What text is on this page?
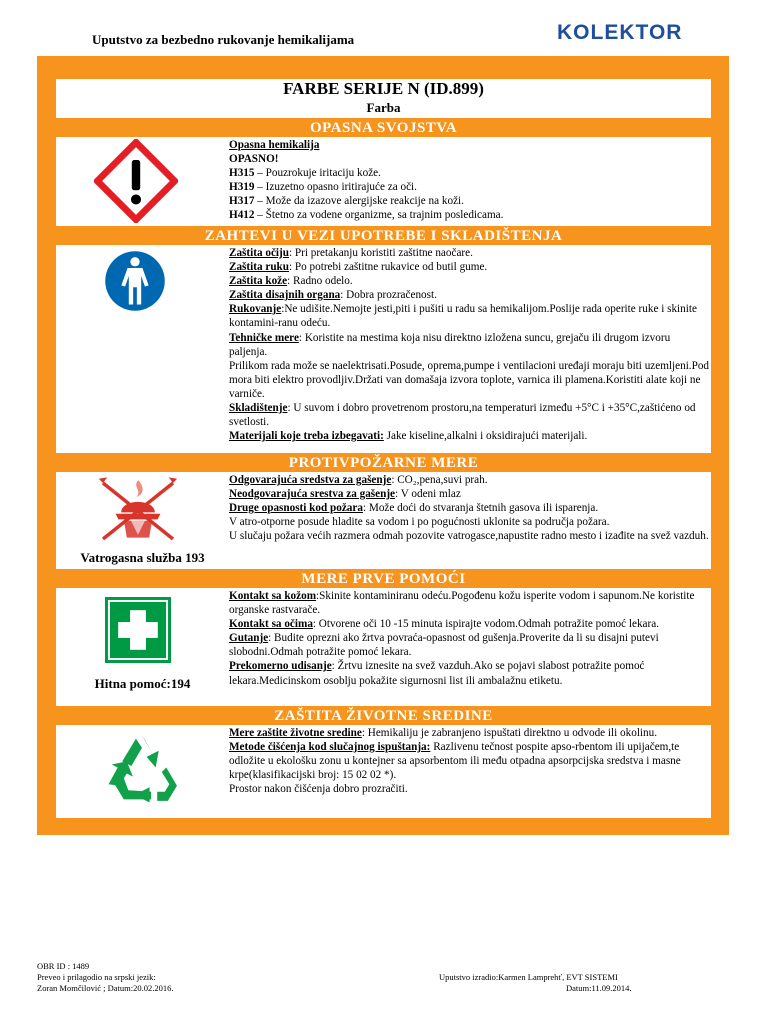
Uputstvo za bezbedno rukovanje hemikalijama	KOLEKTOR
FARBE SERIJE N (ID.899)
Farba
OPASNA SVOJSTVA
ZAHTEVI U VEZI UPOTREBE I SKLADIŠTENJA
PROTIVPOŽARNE MERE
MERE PRVE POMOĆI
ZAŠTITA ŽIVOTNE SREDINE

Opasna hemikalija

OPASNO!

H315 – Pouzrokuje iritaciju kože.

H319 – Izuzetno opasno iritirajuće za oči.

H317 – Može da izazove alergijske reakcije na koži.

H412 – Štetno za vodene organizme, sa trajnim posledicama.

Zaštita očiju: Pri pretakanju koristiti zaštitne naočare.

Zaštita ruku: Po potrebi zaštitne rukavice od butil gume.

Zaštita kože: Radno odelo.

Zaštita disajnih organa: Dobra prozračenost.

Rukovanje:Ne udišite.Nemojte jesti,piti i pušiti u radu sa hemikalijom.Poslije rada operite ruke i skinite kontamini-ranu odeću.

Tehničke mere: Koristite na mestima koja nisu direktno izložena suncu, grejaču ili drugom izvoru paljenja.

Prilikom rada može se naelektrisati.Posude, oprema,pumpe i ventilacioni uređaji moraju biti uzemljeni.Pod mora biti elektro provodljiv.Držati van domašaja izvora toplote, varnica ili plamena.Koristiti alate koji ne varniče.

Skladištenje: U suvom i dobro provetrenom prostoru,na temperaturi između +5°C i +35°C,zaštićeno od svetlosti.

Materijali koje treba izbegavati: Jake kiseline,alkalni i oksidirajući materijali.

Vatrogasna služba 193

Odgovarajuća sredstva za gašenje: CO₂,pena,suvi prah.

Neodgovarajuća srestva za gašenje: V odeni mlaz

Druge opasnosti kod požara: Može doći do stvaranja štetnih gasova ili isparenja.

V atro-otporne posude hladite sa vodom i po pogućnosti uklonite sa područja požara.

U slučaju požara većih razmera odmah pozovite vatrogasce,napustite radno mesto i izađite na svež vazduh.

Hitna pomoć:194

Kontakt sa kožom:Skinite kontaminiranu odeću.Pogođenu kožu isperite vodom i sapunom.Ne koristite organske rastvarače.

Kontakt sa očima: Otvorene oči 10 -15 minuta ispirajte vodom.Odmah potražite pomoć lekara.

Gutanje: Budite oprezni ako žrtva povraća-opasnost od gušenja.Proverite da li su disajni putevi slobodni.Odmah potražite pomoć lekara.

Prekomerno udisanje: Žrtvu iznesite na svež vazduh.Ako se pojavi slabost potražite pomoć lekara.Medicinskom osoblju pokažite sigurnosni list ili ambalažnu etiketu.

Mere zaštite životne sredine: Hemikaliju je zabranjeno ispuštati direktno u odvode ili okolinu.

Metode čišćenja kod slučajnog ispuštanja: Razlivenu tečnost pospite apso-rbentom ili upijačem,te odložite u ekološku zonu u kontejner sa apsorbentom ili među otpadna apsorpcijska sredstva i masne krpe(klasifikacijski broj: 15 02 02 *).

Prostor nakon čišćenja dobro prozračiti.

OBR ID : 1489
Preveo i prilagodio na srpski jezik:
Zoran Momčilović ; Datum:20.02.2016.
Uputstvo izradio:Karmen Lamprehť, EVT SISTEMI
Datum:11.09.2014.
